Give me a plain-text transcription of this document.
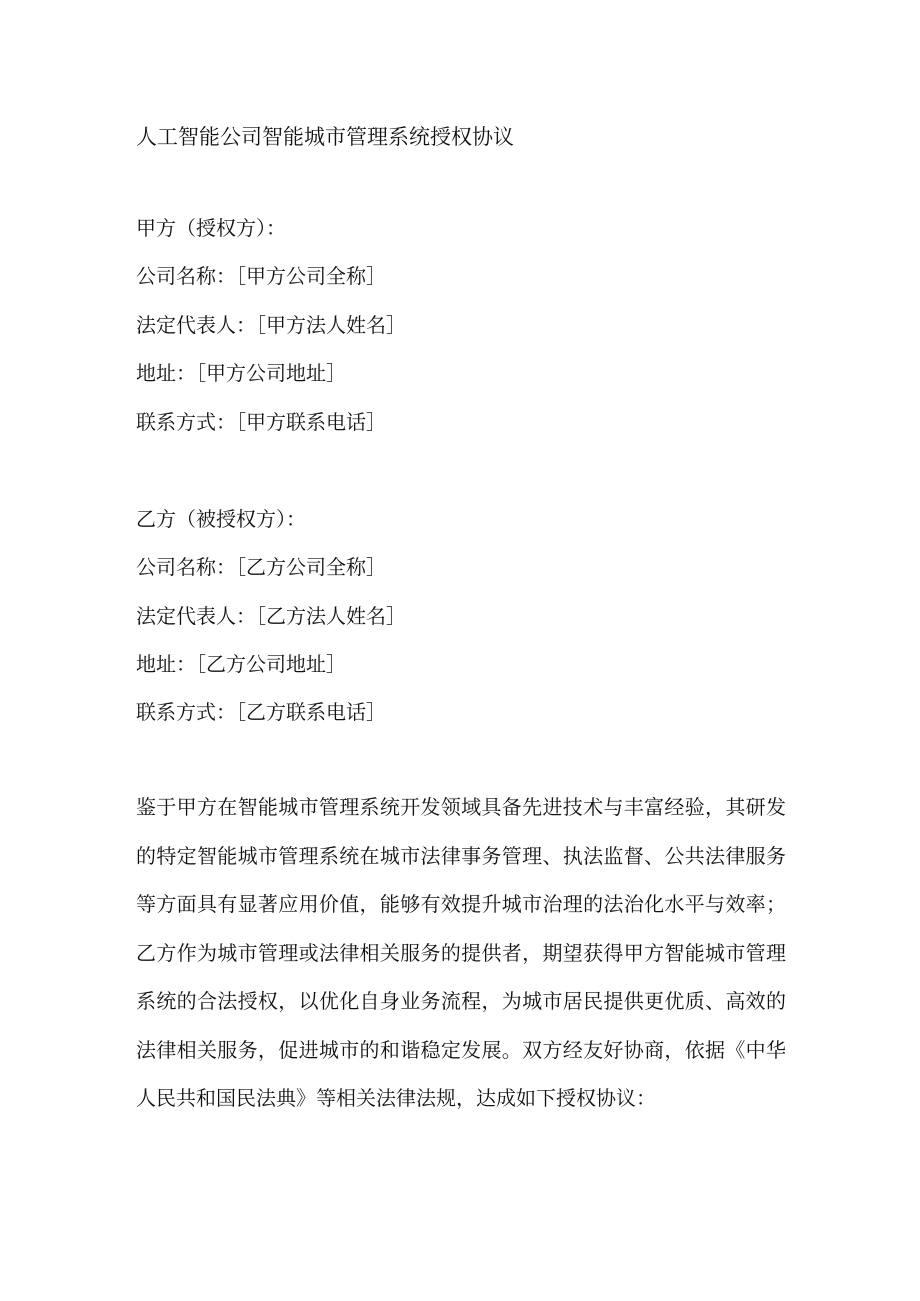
人工智能公司智能城市管理系统授权协议
甲方（授权方）：
公司名称：［甲方公司全称］
法定代表人：［甲方法人姓名］
地址：［甲方公司地址］
联系方式：［甲方联系电话］
乙方（被授权方）：
公司名称：［乙方公司全称］
法定代表人：［乙方法人姓名］
地址：［乙方公司地址］
联系方式：［乙方联系电话］
鉴于甲方在智能城市管理系统开发领域具备先进技术与丰富经验，其研发
的特定智能城市管理系统在城市法律事务管理、执法监督、公共法律服务
等方面具有显著应用价值，能够有效提升城市治理的法治化水平与效率；
乙方作为城市管理或法律相关服务的提供者，期望获得甲方智能城市管理
系统的合法授权，以优化自身业务流程，为城市居民提供更优质、高效的
法律相关服务，促进城市的和谐稳定发展。双方经友好协商，依据《中华
人民共和国民法典》等相关法律法规，达成如下授权协议：
